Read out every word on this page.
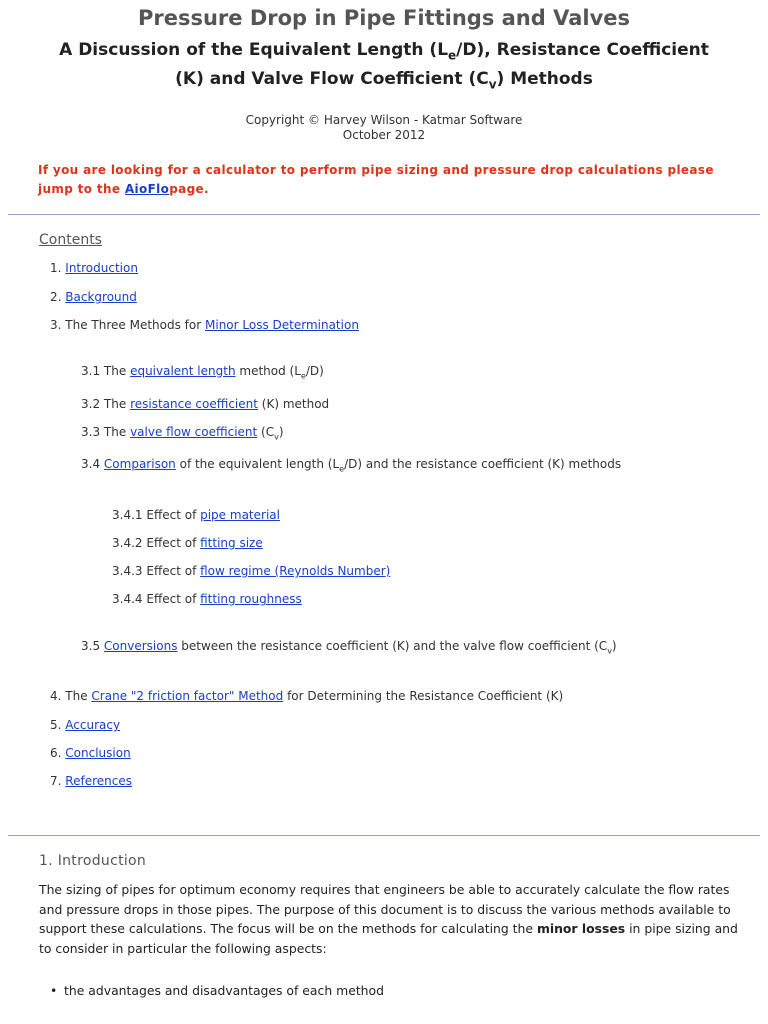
Pressure Drop in Pipe Fittings and Valves
A Discussion of the Equivalent Length $(L_e/D)$, Resistance Coefficient
(K) and Valve Flow Coefficient $(C_v)$ Methods
Copyright © Harvey Wilson - Katmar Software
October 2012
If you are looking for a calculator to perform pipe sizing and pressure drop calculations please jump to the AioFlopage.
Contents
1. Introduction
2. Background
3. The Three Methods for Minor Loss Determination
3.1 The equivalent length method $(L_e/D)$
3.2 The resistance coefficient (K) method
3.3 The valve flow coefficient $(C_v)$
3.4 Comparison of the equivalent length $(L_e/D)$ and the resistance coefficient (K) methods
3.4.1 Effect of pipe material
3.4.2 Effect of fitting size
3.4.3 Effect of flow regime (Reynolds Number)
3.4.4 Effect of fitting roughness
3.5 Conversions between the resistance coefficient (K) and the valve flow coefficient $(C_v)$
4. The Crane "2 friction factor" Method for Determining the Resistance Coefficient (K)
5. Accuracy
6. Conclusion
7. References
1. Introduction

The sizing of pipes for optimum economy requires that engineers be able to accurately calculate the flow rates and pressure drops in those pipes. The purpose of this document is to discuss the various methods available to support these calculations. The focus will be on the methods for calculating the minor losses in pipe sizing and to consider in particular the following aspects:

• the advantages and disadvantages of each method
